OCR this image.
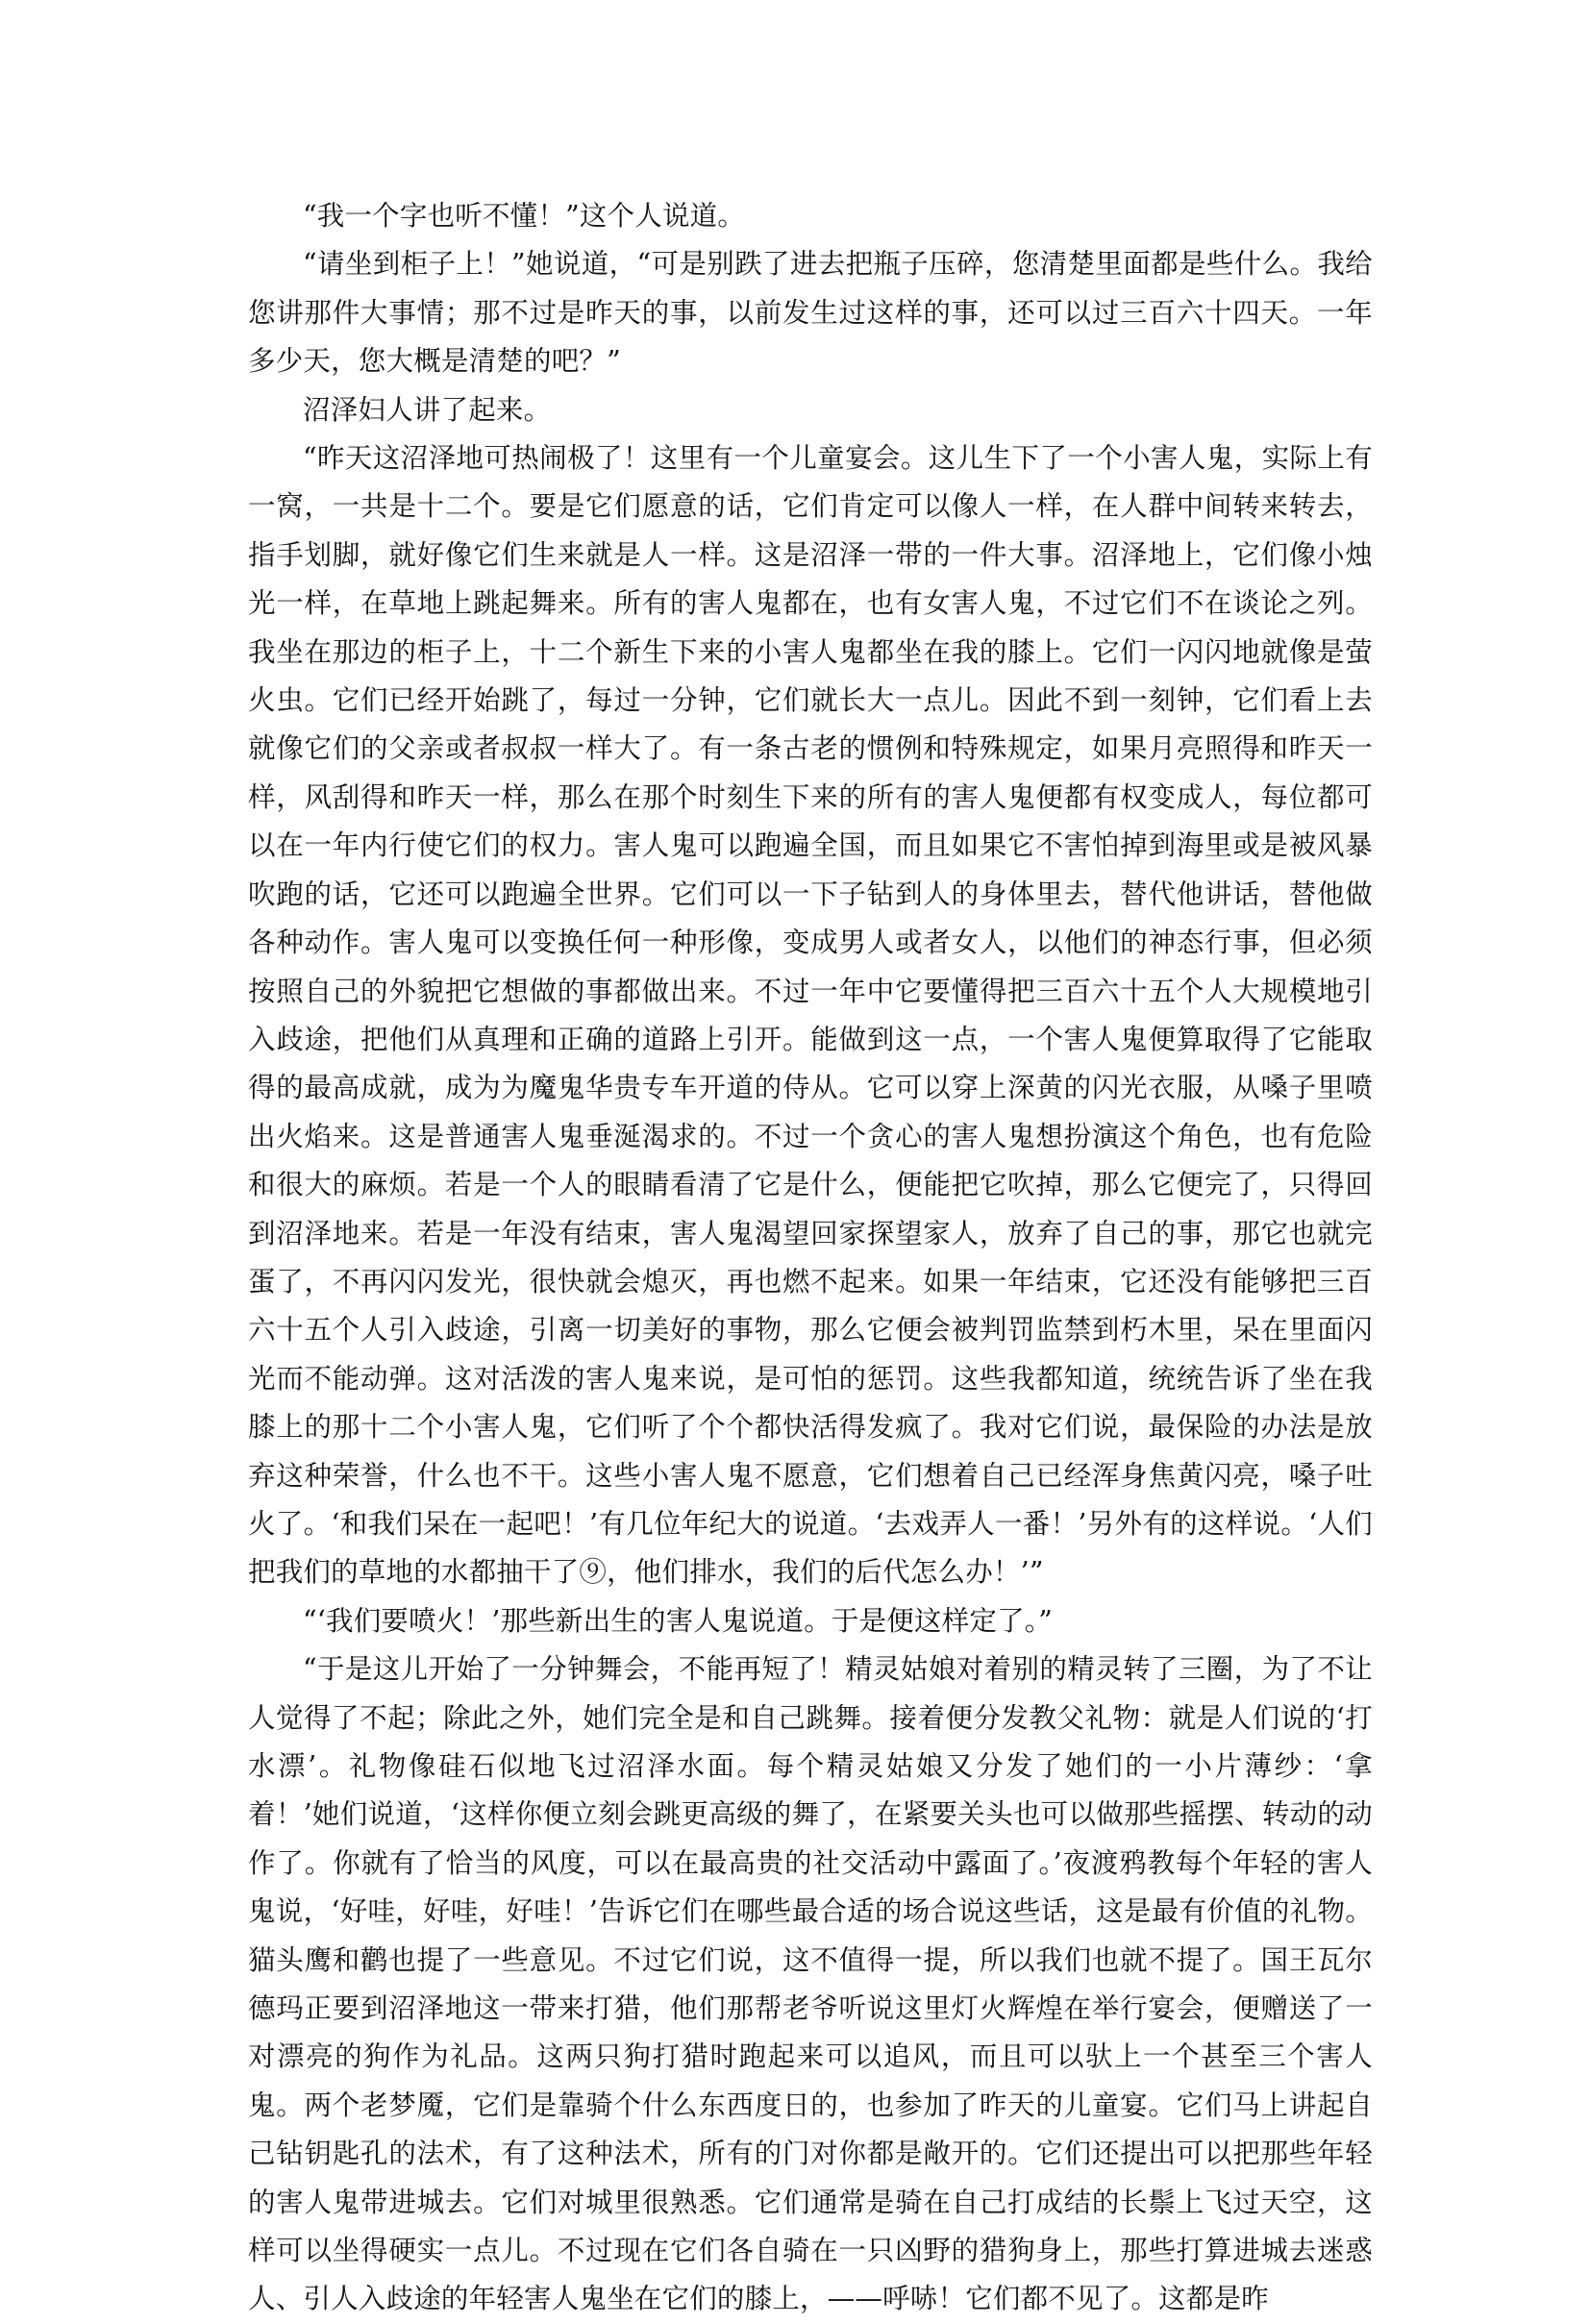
“我一个字也听不懂！”这个人说道。

“请坐到柜子上！”她说道，“可是别跌了进去把瓶子压碎，您清楚里面都是些什么。我给您讲那件大事情；那不过是昨天的事，以前发生过这样的事，还可以过三百六十四天。一年多少天，您大概是清楚的吧？”

沼泽妇人讲了起来。

“昨天这沼泽地可热闹极了！这里有一个儿童宴会。这儿生下了一个小害人鬼，实际上有一窝，一共是十二个。要是它们愿意的话，它们肯定可以像人一样，在人群中间转来转去，指手划脚，就好像它们生来就是人一样。这是沼泽一带的一件大事。沼泽地上，它们像小烛光一样，在草地上跳起舞来。所有的害人鬼都在，也有女害人鬼，不过它们不在谈论之列。我坐在那边的柜子上，十二个新生下来的小害人鬼都坐在我的膝上。它们一闪闪地就像是萤火虫。它们已经开始跳了，每过一分钟，它们就长大一点儿。因此不到一刻钟，它们看上去就像它们的父亲或者叔叔一样大了。有一条古老的惯例和特殊规定，如果月亮照得和昨天一样，风刮得和昨天一样，那么在那个时刻生下来的所有的害人鬼便都有权变成人，每位都可以在一年内行使它们的权力。害人鬼可以跑遍全国，而且如果它不害怕掉到海里或是被风暴吹跑的话，它还可以跑遍全世界。它们可以一下子钻到人的身体里去，替代他讲话，替他做各种动作。害人鬼可以变换任何一种形像，变成男人或者女人，以他们的神态行事，但必须按照自己的外貌把它想做的事都做出来。不过一年中它要懂得把三百六十五个人大规模地引入歧途，把他们从真理和正确的道路上引开。能做到这一点，一个害人鬼便算取得了它能取得的最高成就，成为为魔鬼华贵专车开道的侍从。它可以穿上深黄的闪光衣服，从嗓子里喷出火焰来。这是普通害人鬼垂涎渴求的。不过一个贪心的害人鬼想扮演这个角色，也有危险和很大的麻烦。若是一个人的眼睛看清了它是什么，便能把它吹掉，那么它便完了，只得回到沼泽地来。若是一年没有结束，害人鬼渴望回家探望家人，放弃了自己的事，那它也就完蛋了，不再闪闪发光，很快就会熄灭，再也燃不起来。如果一年结束，它还没有能够把三百六十五个人引入歧途，引离一切美好的事物，那么它便会被判罚监禁到朽木里，呆在里面闪光而不能动弹。这对活泼的害人鬼来说，是可怕的惩罚。这些我都知道，统统告诉了坐在我膝上的那十二个小害人鬼，它们听了个个都快活得发疯了。我对它们说，最保险的办法是放弃这种荣誉，什么也不干。这些小害人鬼不愿意，它们想着自己已经浑身焦黄闪亮，嗓子吐火了。‘和我们呆在一起吧！’有几位年纪大的说道。‘去戏弄人一番！’另外有的这样说。‘人们把我们的草地的水都抽干了⑨，他们排水，我们的后代怎么办！’”

“‘我们要喷火！’那些新出生的害人鬼说道。于是便这样定了。”

“于是这儿开始了一分钟舞会，不能再短了！精灵姑娘对着别的精灵转了三圈，为了不让人觉得了不起；除此之外，她们完全是和自己跳舞。接着便分发教父礼物：就是人们说的‘打水漂’。礼物像硅石似地飞过沼泽水面。每个精灵姑娘又分发了她们的一小片薄纱：‘拿着！’她们说道，‘这样你便立刻会跳更高级的舞了，在紧要关头也可以做那些摇摆、转动的动作了。你就有了恰当的风度，可以在最高贵的社交活动中露面了。’夜渡鸦教每个年轻的害人鬼说，‘好哇，好哇，好哇！’告诉它们在哪些最合适的场合说这些话，这是最有价值的礼物。猫头鹰和鹳也提了一些意见。不过它们说，这不值得一提，所以我们也就不提了。国王瓦尔德玛正要到沼泽地这一带来打猎，他们那帮老爷听说这里灯火辉煌在举行宴会，便赠送了一对漂亮的狗作为礼品。这两只狗打猎时跑起来可以追风，而且可以驮上一个甚至三个害人鬼。两个老梦魇，它们是靠骑个什么东西度日的，也参加了昨天的儿童宴。它们马上讲起自己钻钥匙孔的法术，有了这种法术，所有的门对你都是敞开的。它们还提出可以把那些年轻的害人鬼带进城去。它们对城里很熟悉。它们通常是骑在自己打成结的长鬃上飞过天空，这样可以坐得硬实一点儿。不过现在它们各自骑在一只凶野的猎狗身上，那些打算进城去迷惑人、引人入歧途的年轻害人鬼坐在它们的膝上，——呼哧！它们都不见了。这都是昨
